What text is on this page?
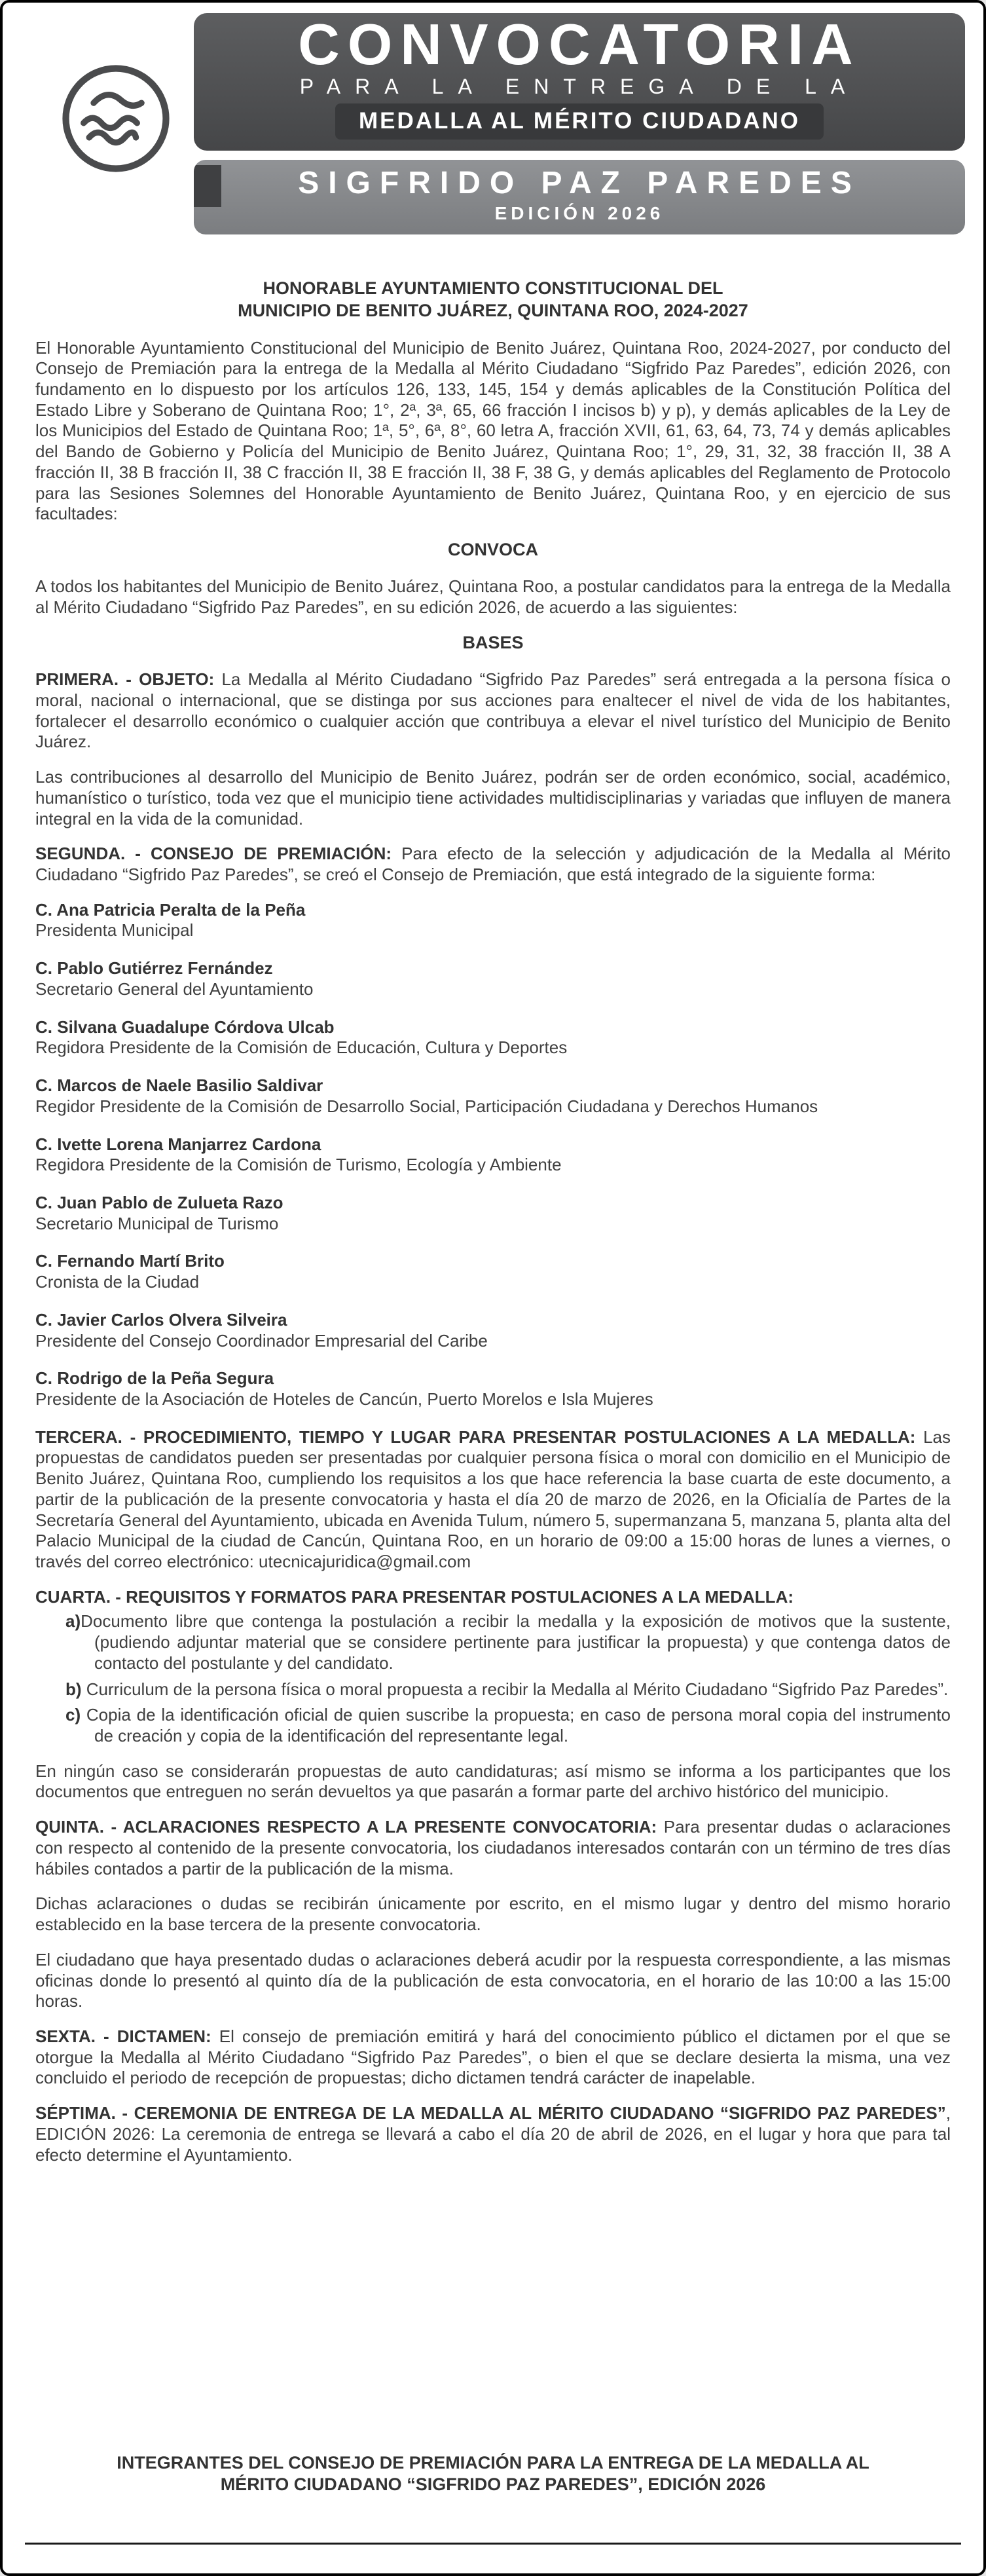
CONVOCATORIA
PARA LA ENTREGA DE LA
MEDALLA AL MÉRITO CIUDADANO
SIGFRIDO PAZ PAREDES
EDICIÓN 2026
HONORABLE AYUNTAMIENTO CONSTITUCIONAL DEL
MUNICIPIO DE BENITO JUÁREZ, QUINTANA ROO, 2024-2027

El Honorable Ayuntamiento Constitucional del Municipio de Benito Juárez, Quintana Roo, 2024-2027, por conducto del Consejo de Premiación para la entrega de la Medalla al Mérito Ciudadano “Sigfrido Paz Paredes”, edición 2026, con fundamento en lo dispuesto por los artículos 126, 133, 145, 154 y demás aplicables de la Constitución Política del Estado Libre y Soberano de Quintana Roo; 1°, 2ª, 3ª, 65, 66 fracción I incisos b) y p), y demás aplicables de la Ley de los Municipios del Estado de Quintana Roo; 1ª, 5°, 6ª, 8°, 60 letra A, fracción XVII, 61, 63, 64, 73, 74 y demás aplicables del Bando de Gobierno y Policía del Municipio de Benito Juárez, Quintana Roo; 1°, 29, 31, 32, 38 fracción II, 38 A fracción II, 38 B fracción II, 38 C fracción II, 38 E fracción II, 38 F, 38 G, y demás aplicables del Reglamento de Protocolo para las Sesiones Solemnes del Honorable Ayuntamiento de Benito Juárez, Quintana Roo, y en ejercicio de sus facultades:

CONVOCA

A todos los habitantes del Municipio de Benito Juárez, Quintana Roo, a postular candidatos para la entrega de la Medalla al Mérito Ciudadano “Sigfrido Paz Paredes”, en su edición 2026, de acuerdo a las siguientes:

BASES

PRIMERA. - OBJETO: La Medalla al Mérito Ciudadano “Sigfrido Paz Paredes” será entregada a la persona física o moral, nacional o internacional, que se distinga por sus acciones para enaltecer el nivel de vida de los habitantes, fortalecer el desarrollo económico o cualquier acción que contribuya a elevar el nivel turístico del Municipio de Benito Juárez.

Las contribuciones al desarrollo del Municipio de Benito Juárez, podrán ser de orden económico, social, académico, humanístico o turístico, toda vez que el municipio tiene actividades multidisciplinarias y variadas que influyen de manera integral en la vida de la comunidad.

SEGUNDA. - CONSEJO DE PREMIACIÓN: Para efecto de la selección y adjudicación de la Medalla al Mérito Ciudadano “Sigfrido Paz Paredes”, se creó el Consejo de Premiación, que está integrado de la siguiente forma:

C. Ana Patricia Peralta de la Peña
Presidenta Municipal
C. Pablo Gutiérrez Fernández
Secretario General del Ayuntamiento
C. Silvana Guadalupe Córdova Ulcab
Regidora Presidente de la Comisión de Educación, Cultura y Deportes
C. Marcos de Naele Basilio Saldivar
Regidor Presidente de la Comisión de Desarrollo Social, Participación Ciudadana y Derechos Humanos
C. Ivette Lorena Manjarrez Cardona
Regidora Presidente de la Comisión de Turismo, Ecología y Ambiente
C. Juan Pablo de Zulueta Razo
Secretario Municipal de Turismo
C. Fernando Martí Brito
Cronista de la Ciudad
C. Javier Carlos Olvera Silveira
Presidente del Consejo Coordinador Empresarial del Caribe
C. Rodrigo de la Peña Segura
Presidente de la Asociación de Hoteles de Cancún, Puerto Morelos e Isla Mujeres

TERCERA. - PROCEDIMIENTO, TIEMPO Y LUGAR PARA PRESENTAR POSTULACIONES A LA MEDALLA: Las propuestas de candidatos pueden ser presentadas por cualquier persona física o moral con domicilio en el Municipio de Benito Juárez, Quintana Roo, cumpliendo los requisitos a los que hace referencia la base cuarta de este documento, a partir de la publicación de la presente convocatoria y hasta el día 20 de marzo de 2026, en la Oficialía de Partes de la Secretaría General del Ayuntamiento, ubicada en Avenida Tulum, número 5, supermanzana 5, manzana 5, planta alta del Palacio Municipal de la ciudad de Cancún, Quintana Roo, en un horario de 09:00 a 15:00 horas de lunes a viernes, o través del correo electrónico: utecnicajuridica@gmail.com

CUARTA. - REQUISITOS Y FORMATOS PARA PRESENTAR POSTULACIONES A LA MEDALLA:
a)Documento libre que contenga la postulación a recibir la medalla y la exposición de motivos que la sustente, (pudiendo adjuntar material que se considere pertinente para justificar la propuesta) y que contenga datos de contacto del postulante y del candidato.
b) Curriculum de la persona física o moral propuesta a recibir la Medalla al Mérito Ciudadano “Sigfrido Paz Paredes”.
c) Copia de la identificación oficial de quien suscribe la propuesta; en caso de persona moral copia del instrumento de creación y copia de la identificación del representante legal.

En ningún caso se considerarán propuestas de auto candidaturas; así mismo se informa a los participantes que los documentos que entreguen no serán devueltos ya que pasarán a formar parte del archivo histórico del municipio.

QUINTA. - ACLARACIONES RESPECTO A LA PRESENTE CONVOCATORIA: Para presentar dudas o aclaraciones con respecto al contenido de la presente convocatoria, los ciudadanos interesados contarán con un término de tres días hábiles contados a partir de la publicación de la misma.

Dichas aclaraciones o dudas se recibirán únicamente por escrito, en el mismo lugar y dentro del mismo horario establecido en la base tercera de la presente convocatoria.

El ciudadano que haya presentado dudas o aclaraciones deberá acudir por la respuesta correspondiente, a las mismas oficinas donde lo presentó al quinto día de la publicación de esta convocatoria, en el horario de las 10:00 a las 15:00 horas.

SEXTA. - DICTAMEN: El consejo de premiación emitirá y hará del conocimiento público el dictamen por el que se otorgue la Medalla al Mérito Ciudadano “Sigfrido Paz Paredes”, o bien el que se declare desierta la misma, una vez concluido el periodo de recepción de propuestas; dicho dictamen tendrá carácter de inapelable.

SÉPTIMA. - CEREMONIA DE ENTREGA DE LA MEDALLA AL MÉRITO CIUDADANO “SIGFRIDO PAZ PAREDES”, EDICIÓN 2026: La ceremonia de entrega se llevará a cabo el día 20 de abril de 2026, en el lugar y hora que para tal efecto determine el Ayuntamiento.

INTEGRANTES DEL CONSEJO DE PREMIACIÓN PARA LA ENTREGA DE LA MEDALLA AL MÉRITO CIUDADANO “SIGFRIDO PAZ PAREDES”, EDICIÓN 2026
